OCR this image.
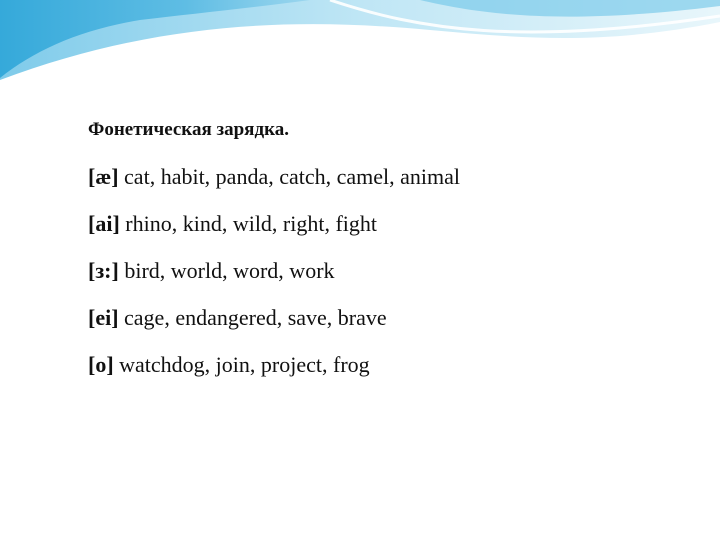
Фонетическая зарядка.
[æ] cat, habit, panda, catch, camel, animal
[ai] rhino, kind, wild, right, fight
[з:] bird, world, word, work
[ei] cage, endangered, save, brave
[o] watchdog, join, project, frog
